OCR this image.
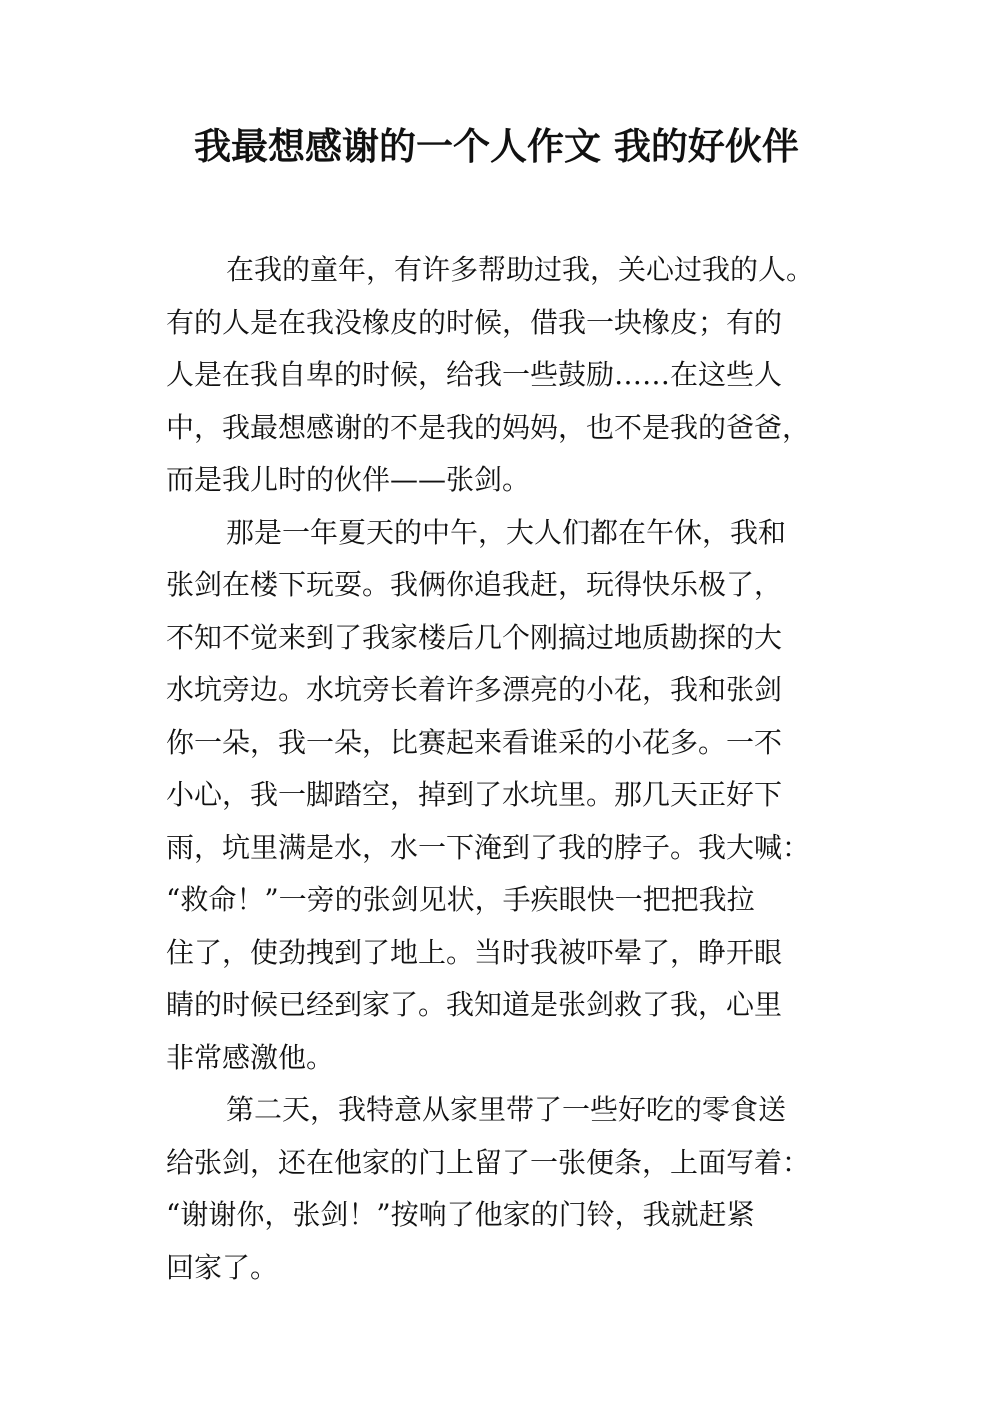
我最想感谢的一个人作文 我的好伙伴

在我的童年，有许多帮助过我，关心过我的人。
有的人是在我没橡皮的时候，借我一块橡皮；有的
人是在我自卑的时候，给我一些鼓励……在这些人
中，我最想感谢的不是我的妈妈，也不是我的爸爸，
而是我儿时的伙伴——张剑。

那是一年夏天的中午，大人们都在午休，我和
张剑在楼下玩耍。我俩你追我赶，玩得快乐极了，
不知不觉来到了我家楼后几个刚搞过地质勘探的大
水坑旁边。水坑旁长着许多漂亮的小花，我和张剑
你一朵，我一朵，比赛起来看谁采的小花多。一不
小心，我一脚踏空，掉到了水坑里。那几天正好下
雨，坑里满是水，水一下淹到了我的脖子。我大喊：
“救命！”一旁的张剑见状，手疾眼快一把把我拉
住了，使劲拽到了地上。当时我被吓晕了，睁开眼
睛的时候已经到家了。我知道是张剑救了我，心里
非常感激他。

第二天，我特意从家里带了一些好吃的零食送
给张剑，还在他家的门上留了一张便条，上面写着：
“谢谢你，张剑！”按响了他家的门铃，我就赶紧
回家了。
